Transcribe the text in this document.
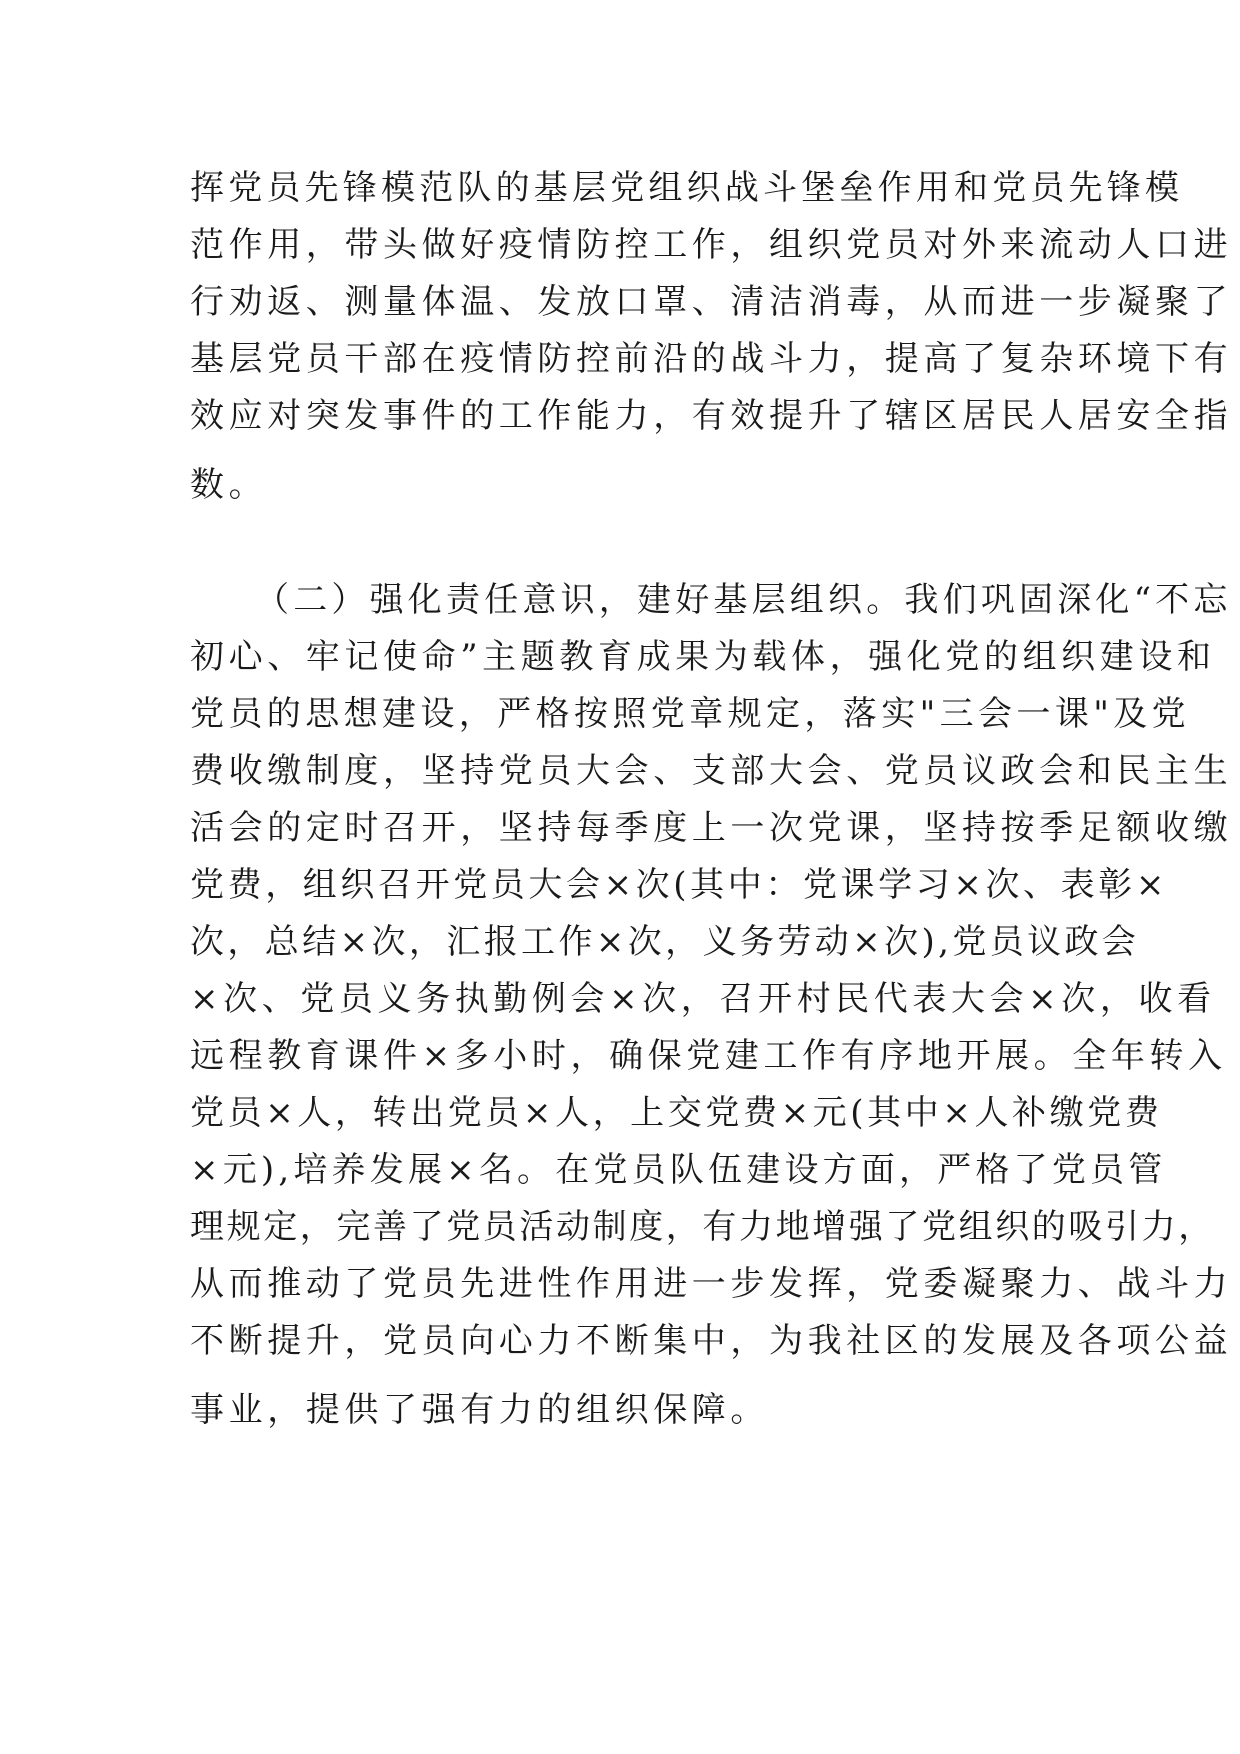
挥党员先锋模范队的基层党组织战斗堡垒作用和党员先锋模
范作用，带头做好疫情防控工作，组织党员对外来流动人口进
行劝返、测量体温、发放口罩、清洁消毒，从而进一步凝聚了
基层党员干部在疫情防控前沿的战斗力，提高了复杂环境下有
效应对突发事件的工作能力，有效提升了辖区居民人居安全指
数。
（二）强化责任意识，建好基层组织。我们巩固深化“不忘
初心、牢记使命”主题教育成果为载体，强化党的组织建设和
党员的思想建设，严格按照党章规定，落实"三会一课"及党
费收缴制度，坚持党员大会、支部大会、党员议政会和民主生
活会的定时召开，坚持每季度上一次党课，坚持按季足额收缴
党费，组织召开党员大会×次(其中：党课学习×次、表彰×
次，总结×次，汇报工作×次，义务劳动×次),党员议政会
×次、党员义务执勤例会×次，召开村民代表大会×次，收看
远程教育课件×多小时，确保党建工作有序地开展。全年转入
党员×人，转出党员×人，上交党费×元(其中×人补缴党费
×元),培养发展×名。在党员队伍建设方面，严格了党员管
理规定，完善了党员活动制度，有力地增强了党组织的吸引力，
从而推动了党员先进性作用进一步发挥，党委凝聚力、战斗力
不断提升，党员向心力不断集中，为我社区的发展及各项公益
事业，提供了强有力的组织保障。
